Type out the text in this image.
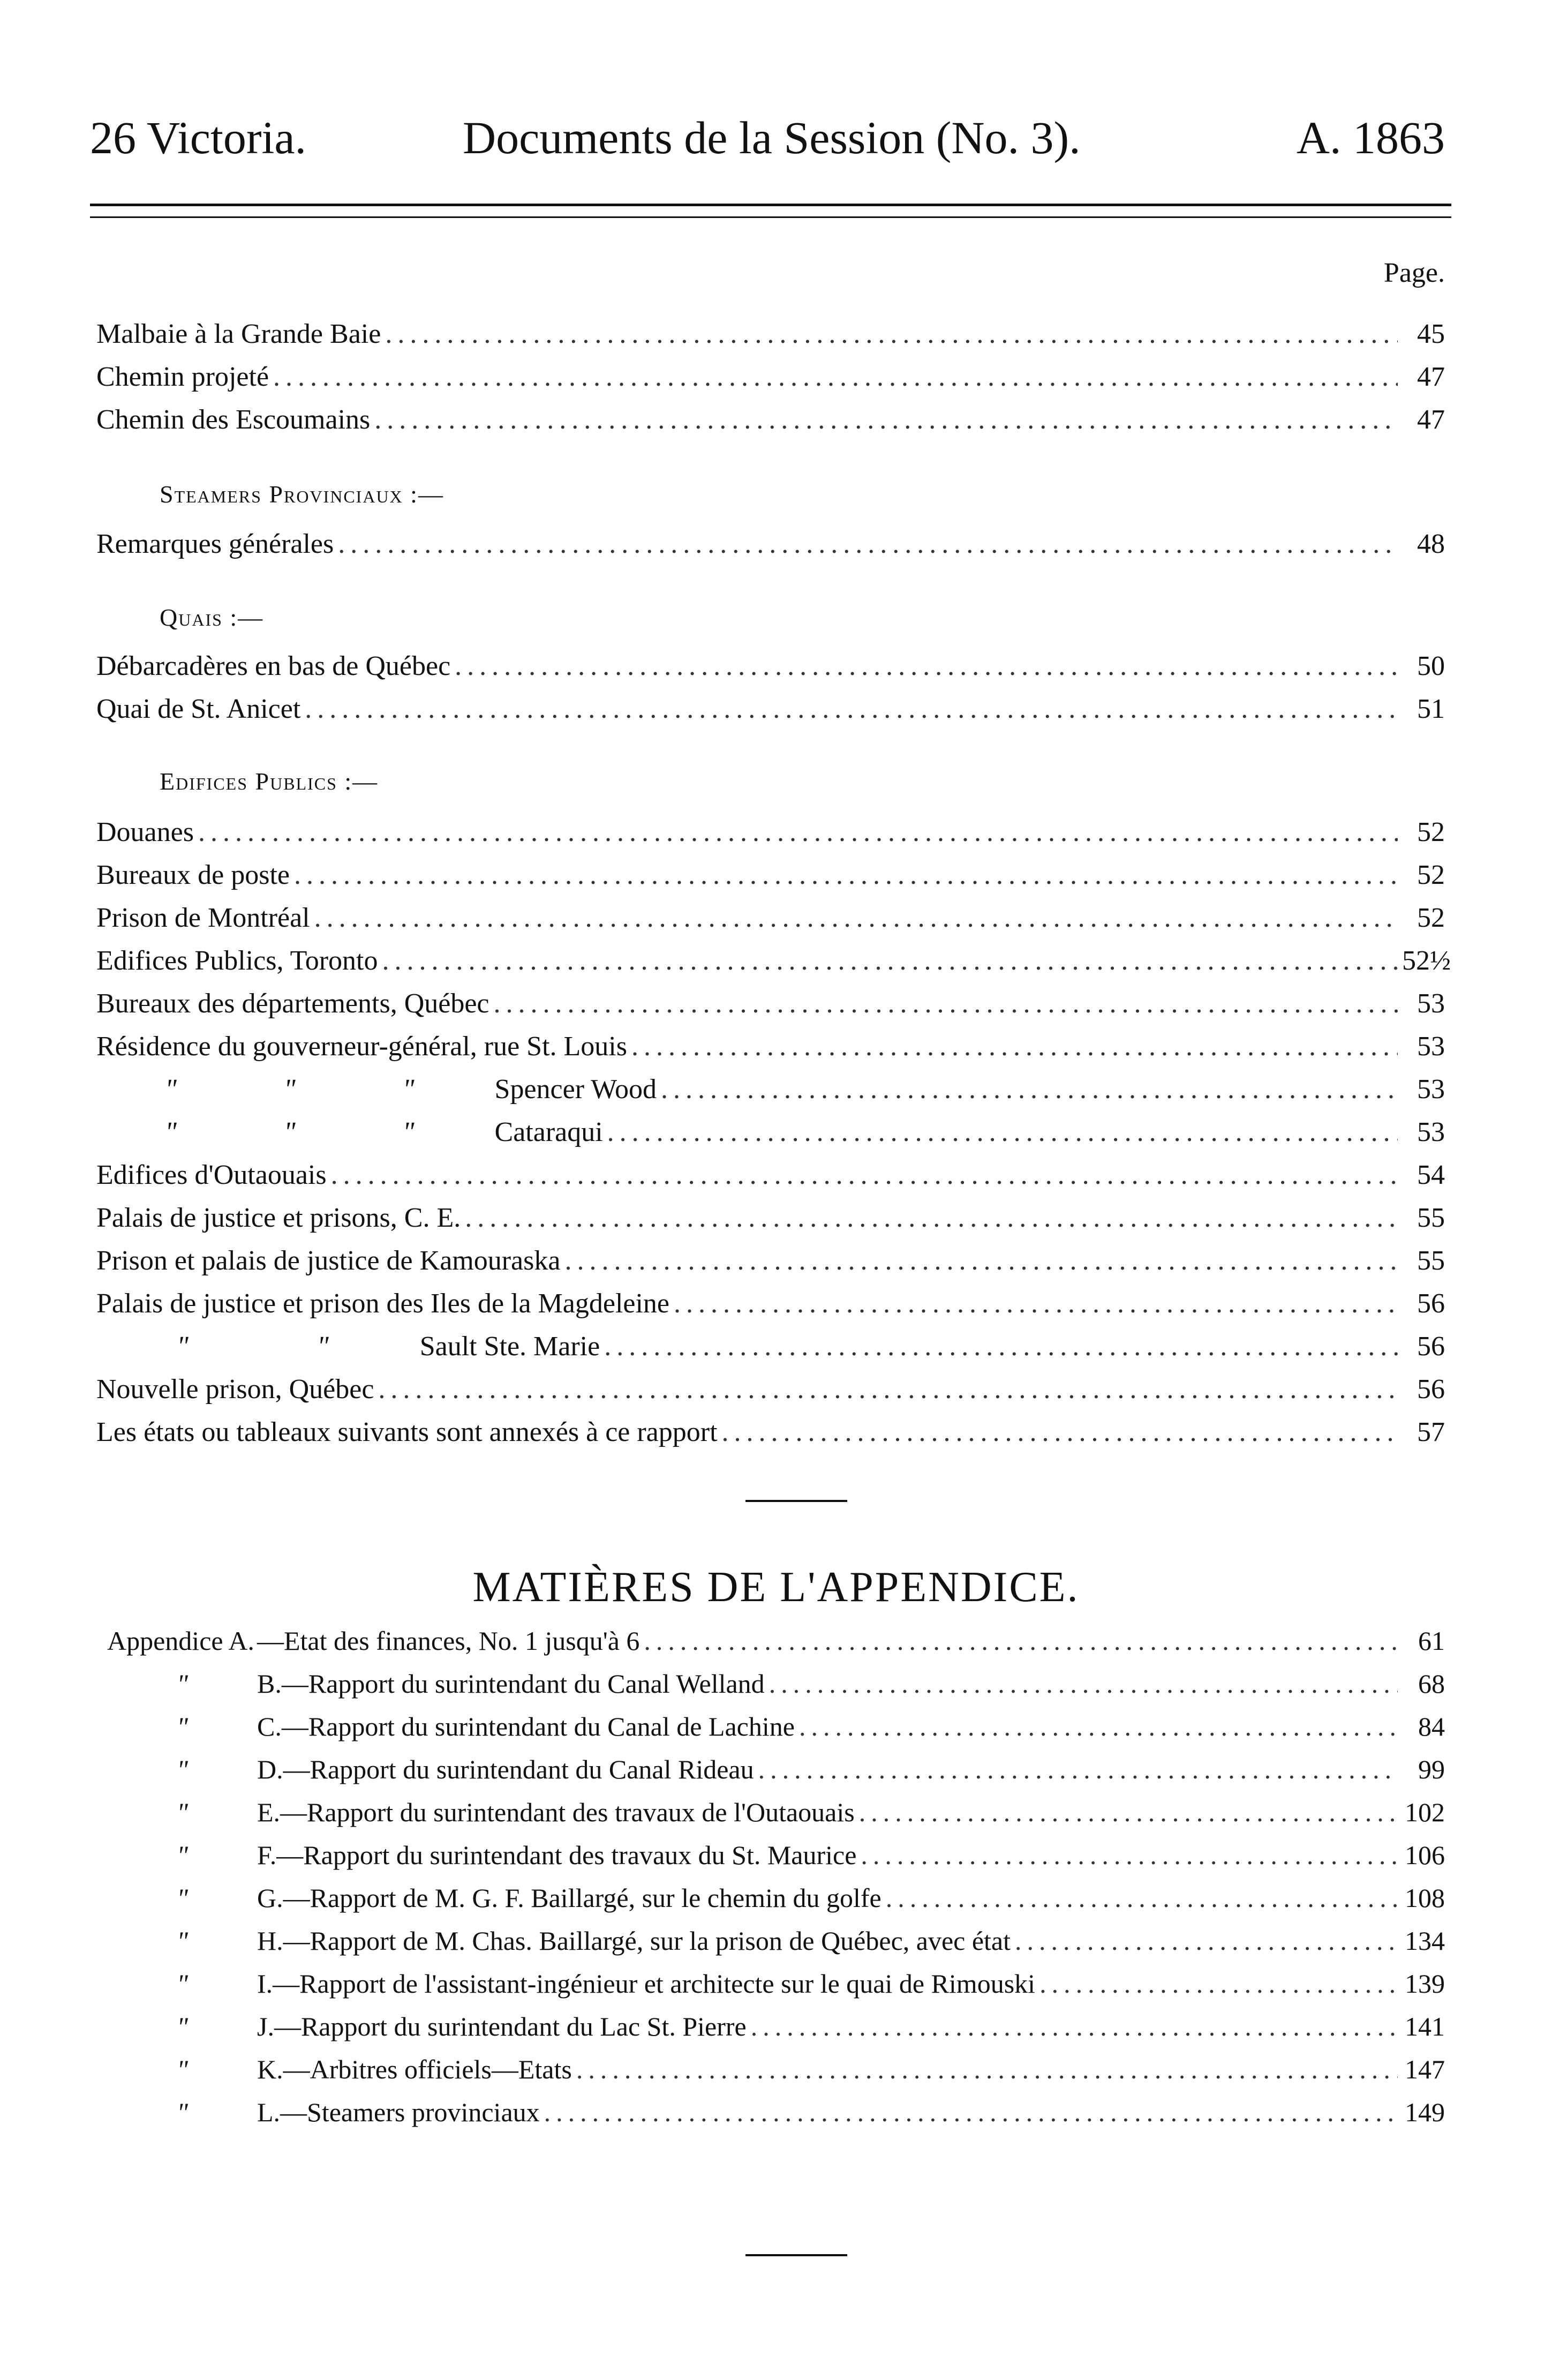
26 Victoria.	Documents de la Session (No. 3).	A. 1863
Page.
Malbaie à la Grande Baie .....	45
Chemin projeté .....	47
Chemin des Escoumains .....	47
Steamers Provinciaux :—
Remarques générales .....	48
Quais :—
Débarcadères en bas de Québec .....	50
Quai de St. Anicet .....	51
Edifices Publics :—
Douanes .....	52
Bureaux de poste .....	52
Prison de Montréal .....	52
Edifices Publics, Toronto .....	52½
Bureaux des départements, Québec .....	53
Résidence du gouverneur-général, rue St. Louis .....	53
"	"	"	Spencer Wood .....	53
"	"	"	Cataraqui .....	53
Edifices d'Outaouais .....	54
Palais de justice et prisons, C. E. .....	55
Prison et palais de justice de Kamouraska .....	55
Palais de justice et prison des Iles de la Magdeleine .....	56
"	"	Sault Ste. Marie .....	56
Nouvelle prison, Québec .....	56
Les états ou tableaux suivants sont annexés à ce rapport .....	57
MATIÈRES DE L'APPENDICE.
Appendice A. —Etat des finances, No. 1 jusqu'à 6 .....	61
"	B.—Rapport du surintendant du Canal Welland .....	68
"	C.—Rapport du surintendant du Canal de Lachine .....	84
"	D.—Rapport du surintendant du Canal Rideau .....	99
"	E.—Rapport du surintendant des travaux de l'Outaouais .....	102
"	F.—Rapport du surintendant des travaux du St. Maurice .....	106
"	G.—Rapport de M. G. F. Baillargé, sur le chemin du golfe .....	108
"	H.—Rapport de M. Chas. Baillargé, sur la prison de Québec, avec état .....	134
"	I.—Rapport de l'assistant-ingénieur et architecte sur le quai de Rimouski .....	139
"	J.—Rapport du surintendant du Lac St. Pierre .....	141
"	K.—Arbitres officiels—Etats .....	147
"	L.—Steamers provinciaux .....	149
